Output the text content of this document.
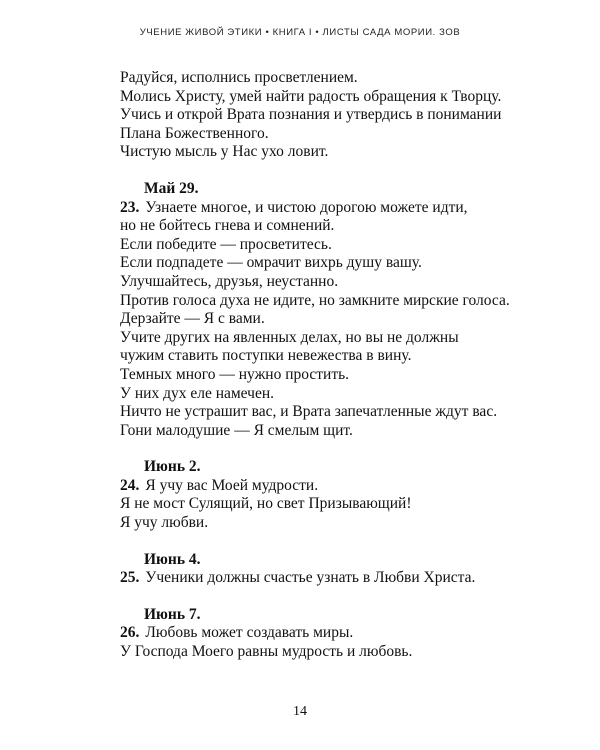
УЧЕНИЕ ЖИВОЙ ЭТИКИ • КНИГА I • ЛИСТЫ САДА МОРИИ. ЗОВ
Радуйся, исполнись просветлением.
Молись Христу, умей найти радость обращения к Творцу.
Учись и открой Врата познания и утвердись в понимании
Плана Божественного.
Чистую мысль у Нас ухо ловит.
Май 29.
23. Узнаете многое, и чистою дорогою можете идти,
но не бойтесь гнева и сомнений.
Если победите — просветитесь.
Если подпадете — омрачит вихрь душу вашу.
Улучшайтесь, друзья, неустанно.
Против голоса духа не идите, но замкните мирские голоса.
Дерзайте — Я с вами.
Учите других на явленных делах, но вы не должны
чужим ставить поступки невежества в вину.
Темных много — нужно простить.
У них дух еле намечен.
Ничто не устрашит вас, и Врата запечатленные ждут вас.
Гони малодушие — Я смелым щит.
Июнь 2.
24. Я учу вас Моей мудрости.
Я не мост Сулящий, но свет Призывающий!
Я учу любви.
Июнь 4.
25. Ученики должны счастье узнать в Любви Христа.
Июнь 7.
26. Любовь может создавать миры.
У Господа Моего равны мудрость и любовь.
14
